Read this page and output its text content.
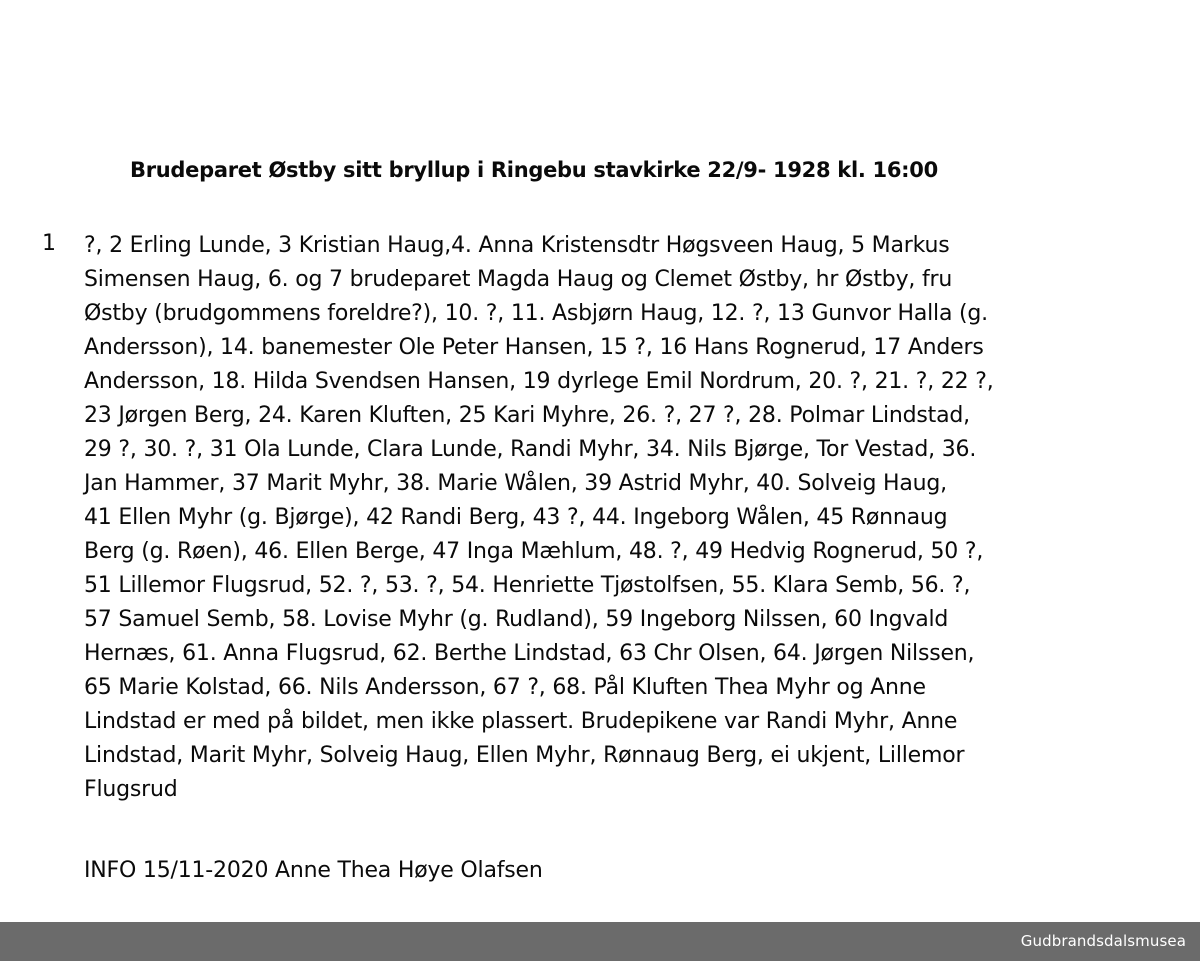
Brudeparet Østby sitt bryllup i Ringebu stavkirke 22/9- 1928 kl. 16:00
1 ?, 2 Erling Lunde, 3 Kristian Haug,4. Anna Kristensdtr Høgsveen Haug, 5 Markus
Simensen Haug, 6. og 7 brudeparet Magda Haug og Clemet Østby, hr Østby, fru
Østby (brudgommens foreldre?), 10. ?, 11. Asbjørn Haug, 12. ?, 13 Gunvor Halla (g.
Andersson), 14. banemester Ole Peter Hansen, 15 ?, 16 Hans Rognerud, 17 Anders
Andersson, 18. Hilda Svendsen Hansen, 19 dyrlege Emil Nordrum, 20. ?, 21. ?, 22 ?,
23 Jørgen Berg, 24. Karen Kluften, 25 Kari Myhre, 26. ?, 27 ?, 28. Polmar Lindstad,
29 ?, 30. ?, 31 Ola Lunde, Clara Lunde, Randi Myhr, 34. Nils Bjørge, Tor Vestad, 36.
Jan Hammer, 37 Marit Myhr, 38. Marie Wålen, 39 Astrid Myhr, 40. Solveig Haug,
41 Ellen Myhr (g. Bjørge), 42 Randi Berg, 43 ?, 44. Ingeborg Wålen, 45 Rønnaug
Berg (g. Røen), 46. Ellen Berge, 47 Inga Mæhlum, 48. ?, 49 Hedvig Rognerud, 50 ?,
51 Lillemor Flugsrud, 52. ?, 53. ?, 54. Henriette Tjøstolfsen, 55. Klara Semb, 56. ?,
57 Samuel Semb, 58. Lovise Myhr (g. Rudland), 59 Ingeborg Nilssen, 60 Ingvald
Hernæs, 61. Anna Flugsrud, 62. Berthe Lindstad, 63 Chr Olsen, 64. Jørgen Nilssen,
65 Marie Kolstad, 66. Nils Andersson, 67 ?, 68. Pål Kluften Thea Myhr og Anne
Lindstad er med på bildet, men ikke plassert. Brudepikene var Randi Myhr, Anne
Lindstad, Marit Myhr, Solveig Haug, Ellen Myhr, Rønnaug Berg, ei ukjent, Lillemor
Flugsrud

INFO 15/11-2020 Anne Thea Høye Olafsen

Gudbrandsdalsmusea
